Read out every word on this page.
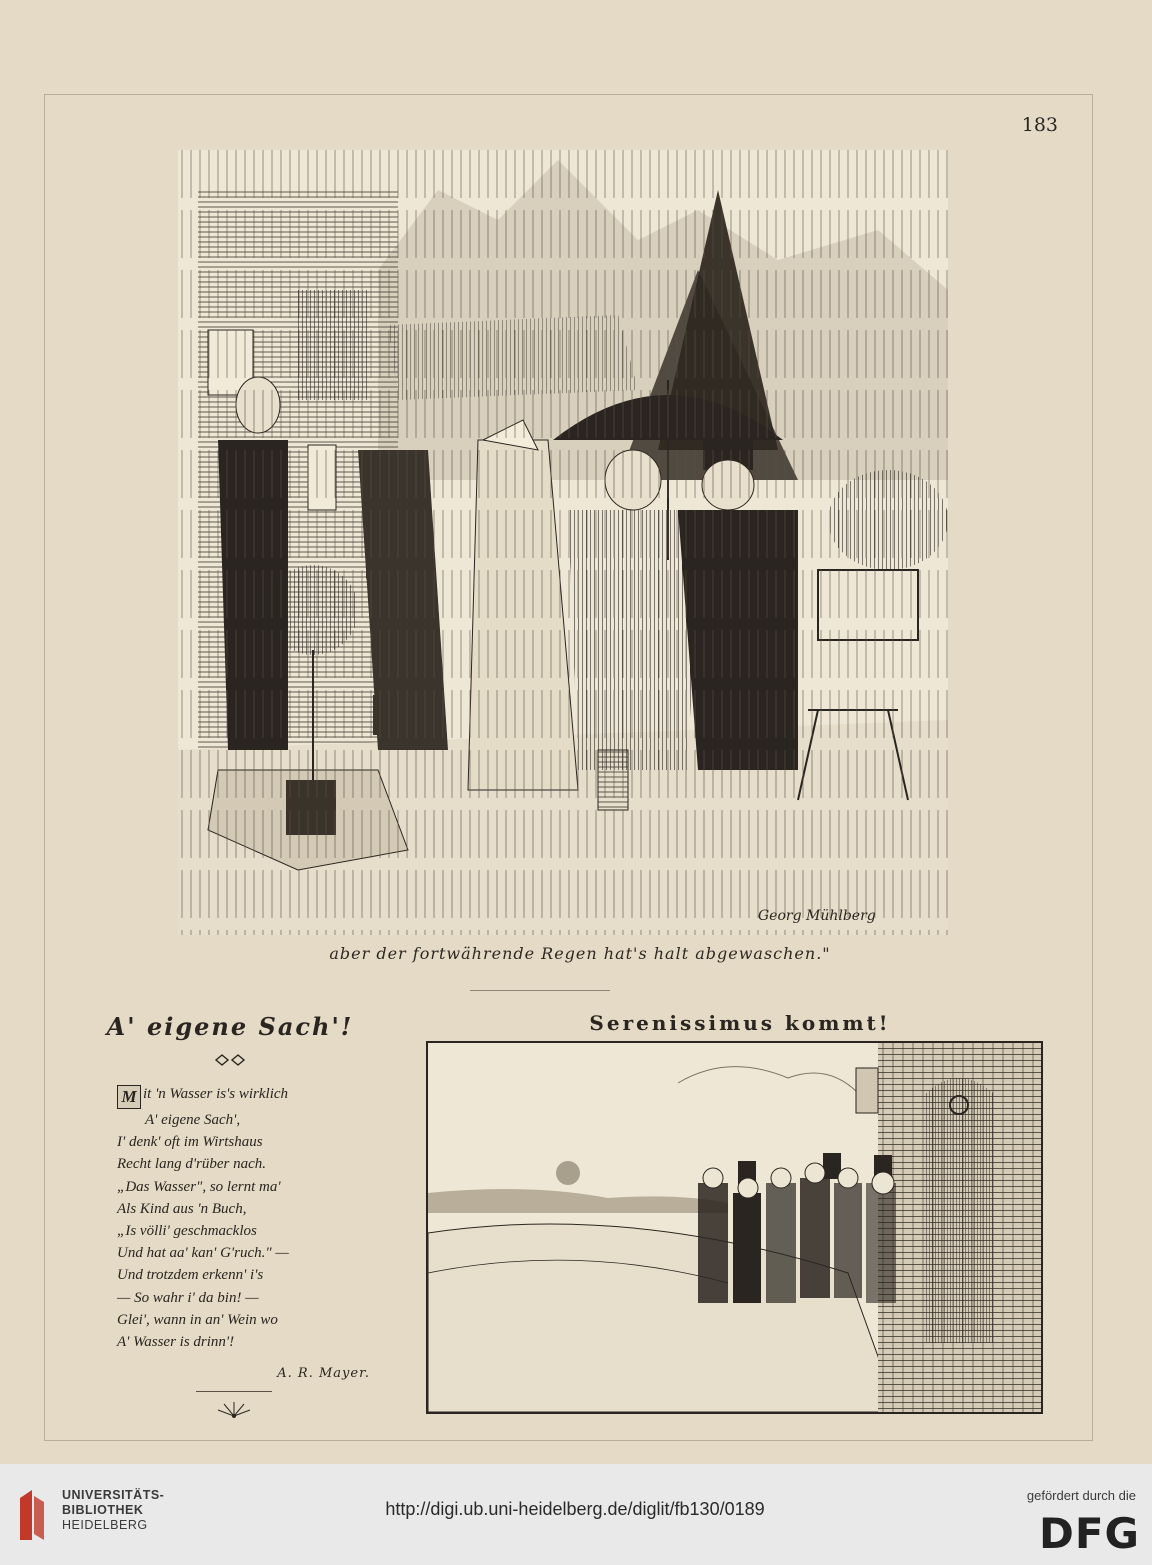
183
Georg Mühlberg
aber der fortwährende Regen hat's halt abgewaschen."
A' eigene Sach'!
M it 'n Wasser is's wirklich
A' eigene Sach',
I' denk' oft im Wirtshaus
Recht lang d'rüber nach.
„Das Wasser", so lernt ma'
Als Kind aus 'n Buch,
„Is völli' geschmacklos
Und hat aa' kan' G'ruch." —
Und trotzdem erkenn' i's
— So wahr i' da bin! —
Glei', wann in an' Wein wo
A' Wasser is drinn'!
A. R. Mayer.
Serenissimus kommt!
UNIVERSITÄTS-
BIBLIOTHEK
HEIDELBERG
http://digi.ub.uni-heidelberg.de/diglit/fb130/0189
gefördert durch die
DFG
